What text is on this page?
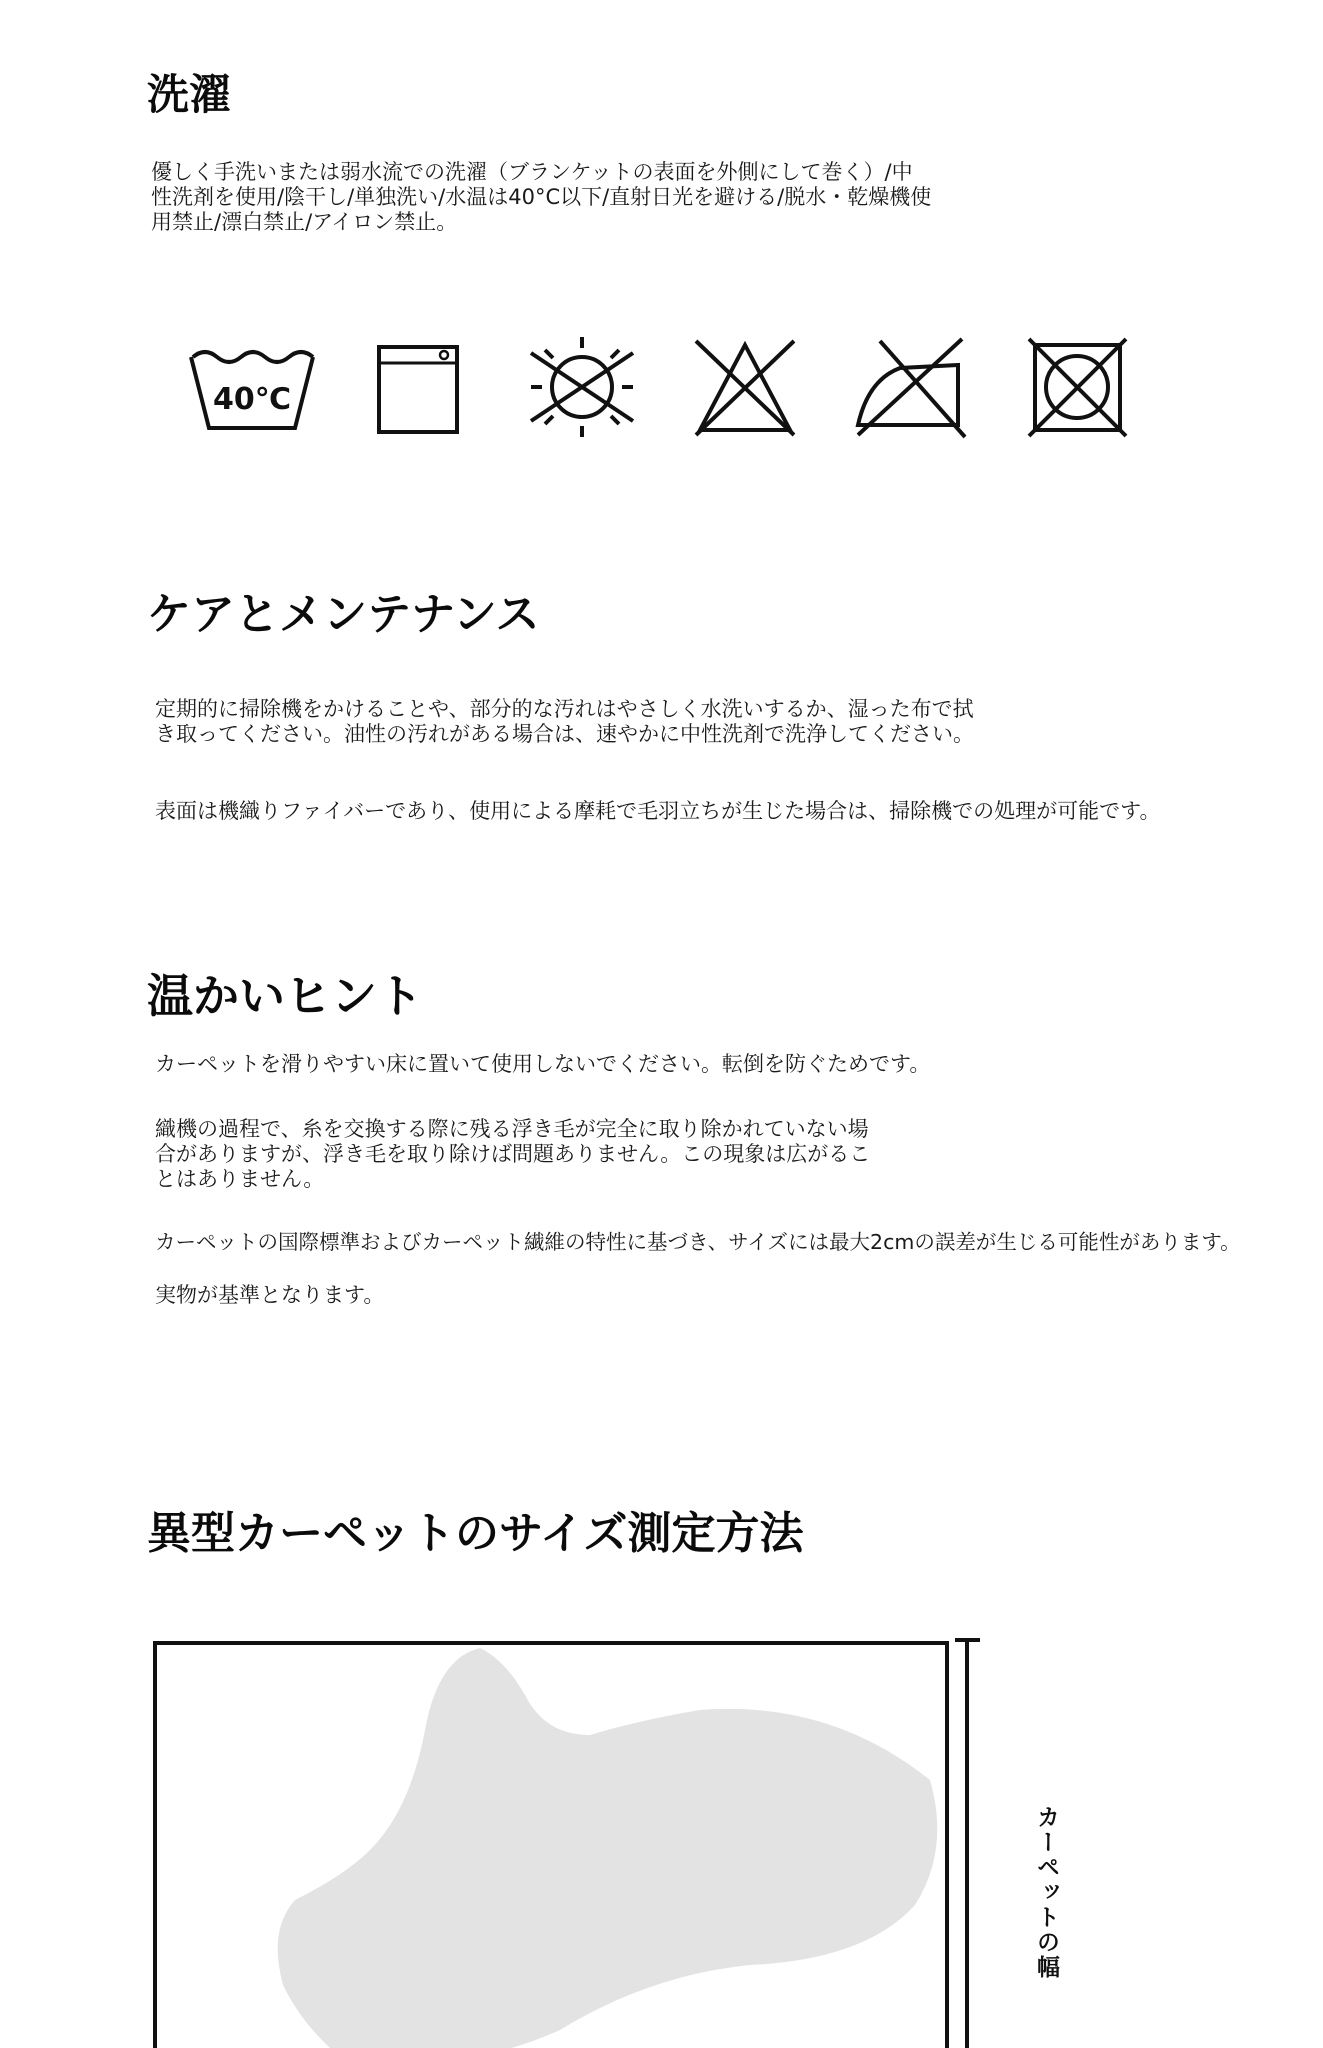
洗濯

優しく手洗いまたは弱水流での洗濯（ブランケットの表面を外側にして巻く）/中

性洗剤を使用/陰干し/単独洗い/水温は40°C以下/直射日光を避ける/脱水・乾燥機使

用禁止/漂白禁止/アイロン禁止。

40℃
ケアとメンテナンス

定期的に掃除機をかけることや、部分的な汚れはやさしく水洗いするか、湿った布で拭

き取ってください。油性の汚れがある場合は、速やかに中性洗剤で洗浄してください。

表面は機織りファイバーであり、使用による摩耗で毛羽立ちが生じた場合は、掃除機での処理が可能です。

温かいヒント

カーペットを滑りやすい床に置いて使用しないでください。転倒を防ぐためです。

織機の過程で、糸を交換する際に残る浮き毛が完全に取り除かれていない場

合がありますが、浮き毛を取り除けば問題ありません。この現象は広がるこ

とはありません。

カーペットの国際標準およびカーペット繊維の特性に基づき、サイズには最大2cmの誤差が生じる可能性があります。

実物が基準となります。

異型カーペットのサイズ測定方法
カーペットの幅
